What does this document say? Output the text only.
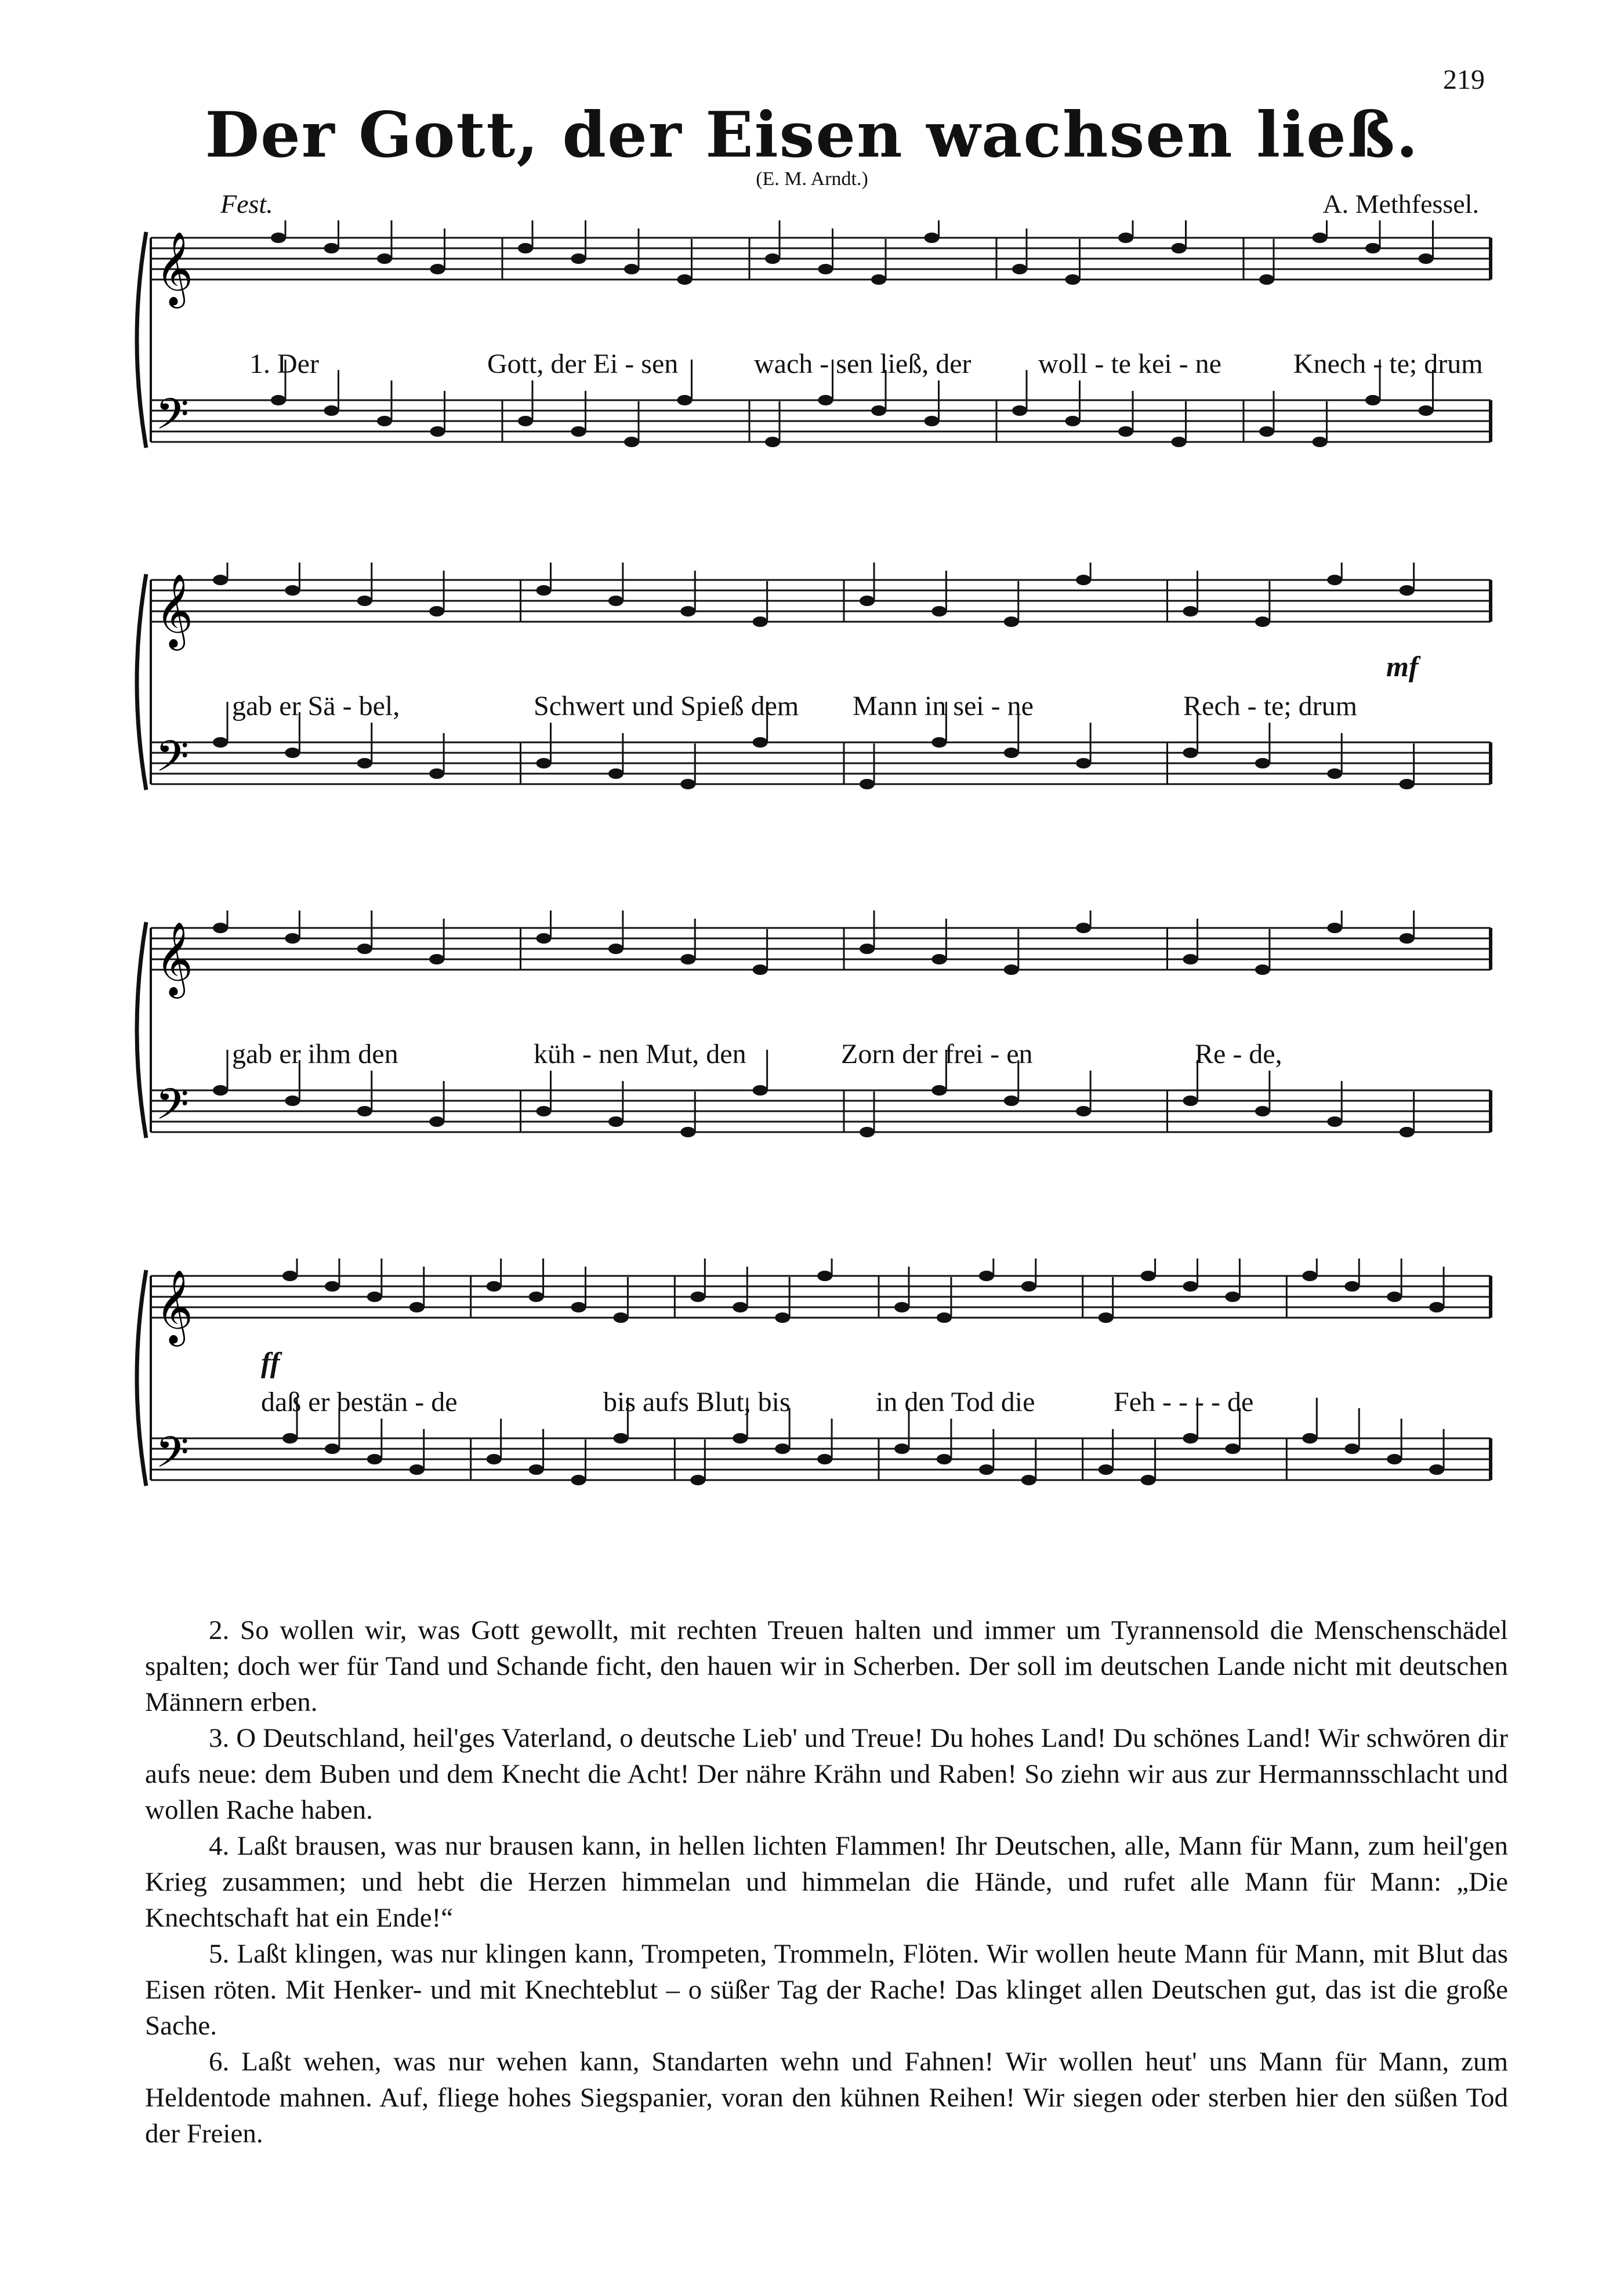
219
Der Gott, der Eisen wachsen ließ.
(E. M. Arndt.)
Fest.	A. Methfessel.
𝄞
𝄢
1. Der	Gott, der Ei - sen	wach - sen ließ, der woll - te kei - ne	Knech - te; drum
𝄞
𝄢
gab er Sä - bel,	Schwert und Spieß dem Mann in sei - ne	Rech - te; drum
mf
𝄞
𝄢
gab er ihm den	küh - nen Mut, den	Zorn der frei - en	Re - de,
𝄞
𝄢
daß er bestän - de	bis aufs Blut, bis	in den Tod die	Feh - - - - de
ff

2. So wollen wir, was Gott gewollt, mit rechten Treuen halten und immer um Tyrannensold die Menschenschädel spalten; doch wer für Tand und Schande ficht, den hauen wir in Scherben. Der soll im deutschen Lande nicht mit deutschen Männern erben.

3. O Deutschland, heil'ges Vaterland, o deutsche Lieb' und Treue! Du hohes Land! Du schönes Land! Wir schwören dir aufs neue: dem Buben und dem Knecht die Acht! Der nähre Krähn und Raben! So ziehn wir aus zur Hermannsschlacht und wollen Rache haben.

4. Laßt brausen, was nur brausen kann, in hellen lichten Flammen! Ihr Deutschen, alle, Mann für Mann, zum heil'gen Krieg zusammen; und hebt die Herzen himmelan und himmelan die Hände, und rufet alle Mann für Mann: „Die Knechtschaft hat ein Ende!“

5. Laßt klingen, was nur klingen kann, Trompeten, Trommeln, Flöten. Wir wollen heute Mann für Mann, mit Blut das Eisen röten. Mit Henker- und mit Knechteblut – o süßer Tag der Rache! Das klinget allen Deutschen gut, das ist die große Sache.

6. Laßt wehen, was nur wehen kann, Standarten wehn und Fahnen! Wir wollen heut' uns Mann für Mann, zum Heldentode mahnen. Auf, fliege hohes Siegspanier, voran den kühnen Reihen! Wir siegen oder sterben hier den süßen Tod der Freien.
